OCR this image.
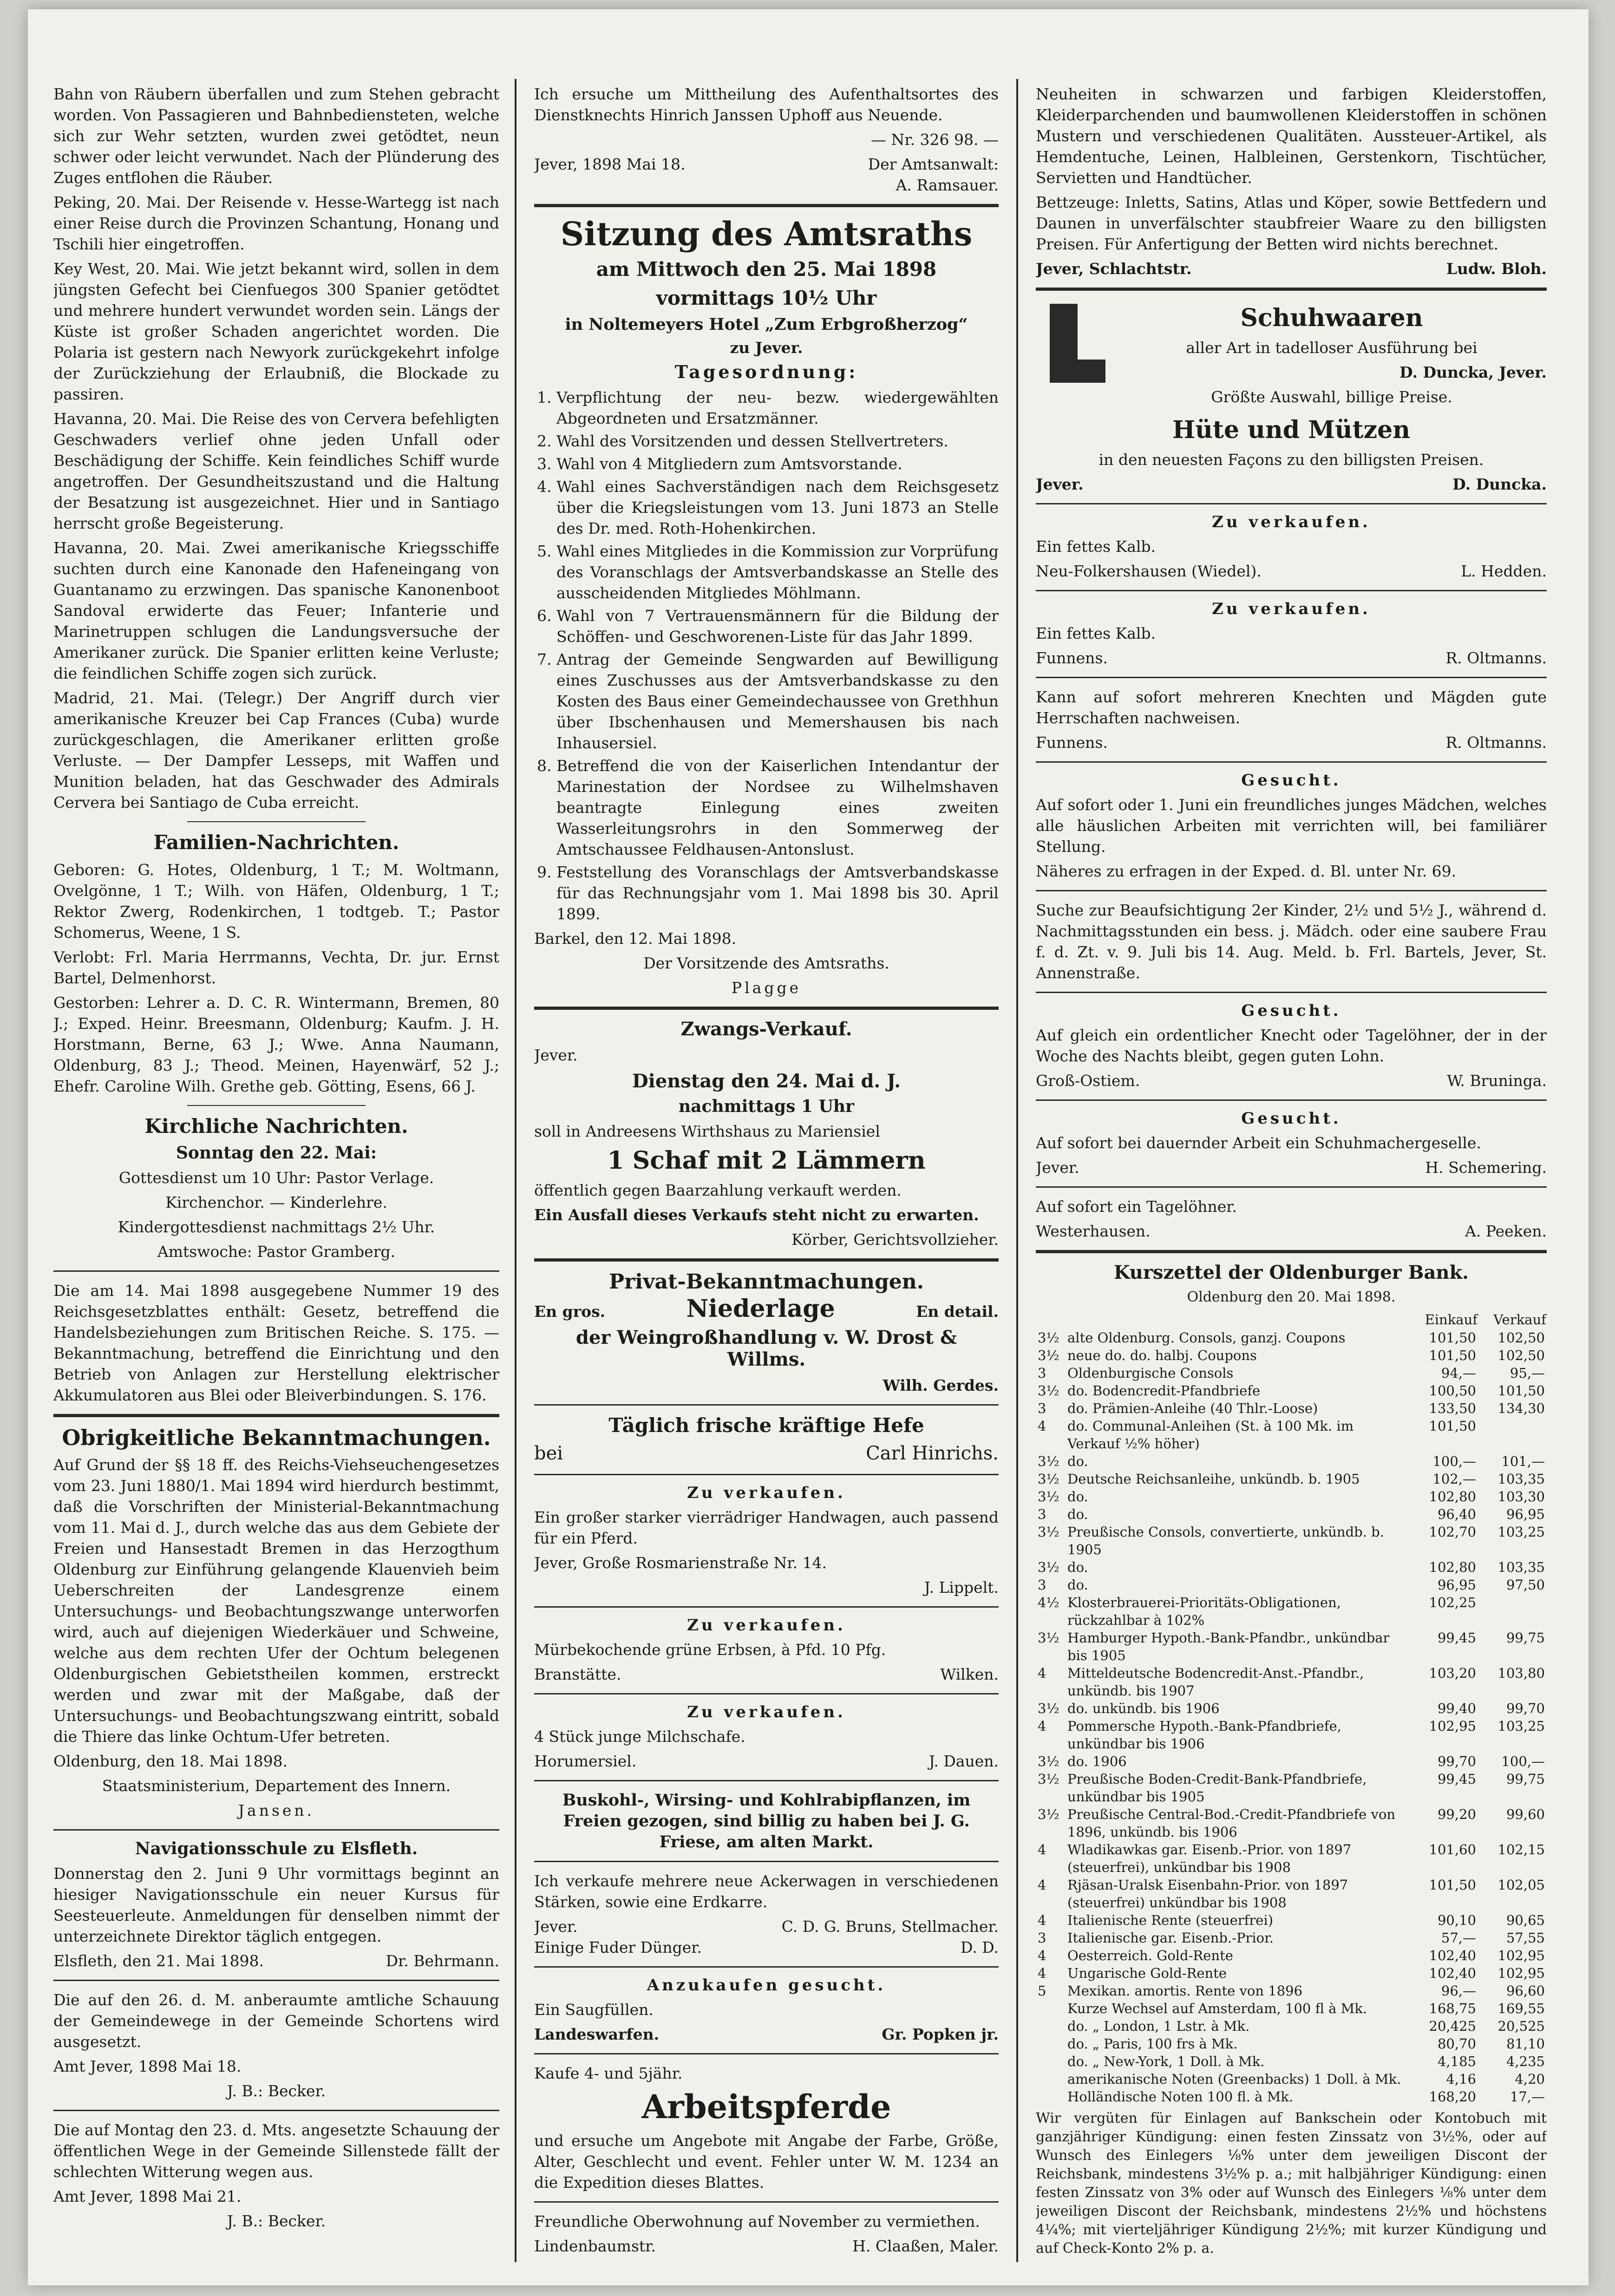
Bahn von Räubern überfallen und zum Stehen gebracht worden. Von Passagieren und Bahnbediensteten, welche sich zur Wehr setzten, wurden zwei getödtet, neun schwer oder leicht verwundet. Nach der Plünderung des Zuges entflohen die Räuber.

Peking, 20. Mai. Der Reisende v. Hesse-Wartegg ist nach einer Reise durch die Provinzen Schantung, Honang und Tschili hier eingetroffen.

Key West, 20. Mai. Wie jetzt bekannt wird, sollen in dem jüngsten Gefecht bei Cienfuegos 300 Spanier getödtet und mehrere hundert verwundet worden sein. Längs der Küste ist großer Schaden angerichtet worden. Die Polaria ist gestern nach Newyork zurückgekehrt infolge der Zurückziehung der Erlaubniß, die Blockade zu passiren.

Havanna, 20. Mai. Die Reise des von Cervera befehligten Geschwaders verlief ohne jeden Unfall oder Beschädigung der Schiffe. Kein feindliches Schiff wurde angetroffen. Der Gesundheitszustand und die Haltung der Besatzung ist ausgezeichnet. Hier und in Santiago herrscht große Begeisterung.

Havanna, 20. Mai. Zwei amerikanische Kriegsschiffe suchten durch eine Kanonade den Hafeneingang von Guantanamo zu erzwingen. Das spanische Kanonenboot Sandoval erwiderte das Feuer; Infanterie und Marinetruppen schlugen die Landungsversuche der Amerikaner zurück. Die Spanier erlitten keine Verluste; die feindlichen Schiffe zogen sich zurück.

Madrid, 21. Mai. (Telegr.) Der Angriff durch vier amerikanische Kreuzer bei Cap Frances (Cuba) wurde zurückgeschlagen, die Amerikaner erlitten große Verluste. — Der Dampfer Lesseps, mit Waffen und Munition beladen, hat das Geschwader des Admirals Cervera bei Santiago de Cuba erreicht.

Familien-Nachrichten.

Geboren: G. Hotes, Oldenburg, 1 T.; M. Woltmann, Ovelgönne, 1 T.; Wilh. von Häfen, Oldenburg, 1 T.; Rektor Zwerg, Rodenkirchen, 1 todtgeb. T.; Pastor Schomerus, Weene, 1 S.

Verlobt: Frl. Maria Herrmanns, Vechta, Dr. jur. Ernst Bartel, Delmenhorst.

Gestorben: Lehrer a. D. C. R. Wintermann, Bremen, 80 J.; Exped. Heinr. Breesmann, Oldenburg; Kaufm. J. H. Horstmann, Berne, 63 J.; Wwe. Anna Naumann, Oldenburg, 83 J.; Theod. Meinen, Hayenwärf, 52 J.; Ehefr. Caroline Wilh. Grethe geb. Götting, Esens, 66 J.

Kirchliche Nachrichten.
Sonntag den 22. Mai:

Gottesdienst um 10 Uhr: Pastor Verlage.

Kirchenchor. — Kinderlehre.

Kindergottesdienst nachmittags 2½ Uhr.

Amtswoche: Pastor Gramberg.

Die am 14. Mai 1898 ausgegebene Nummer 19 des Reichsgesetzblattes enthält: Gesetz, betreffend die Handelsbeziehungen zum Britischen Reiche. S. 175. — Bekanntmachung, betreffend die Einrichtung und den Betrieb von Anlagen zur Herstellung elektrischer Akkumulatoren aus Blei oder Bleiverbindungen. S. 176.

Obrigkeitliche Bekanntmachungen.

Auf Grund der §§ 18 ff. des Reichs-Viehseuchengesetzes vom 23. Juni 1880/1. Mai 1894 wird hierdurch bestimmt, daß die Vorschriften der Ministerial-Bekanntmachung vom 11. Mai d. J., durch welche das aus dem Gebiete der Freien und Hansestadt Bremen in das Herzogthum Oldenburg zur Einführung gelangende Klauenvieh beim Ueberschreiten der Landesgrenze einem Untersuchungs- und Beobachtungszwange unterworfen wird, auch auf diejenigen Wiederkäuer und Schweine, welche aus dem rechten Ufer der Ochtum belegenen Oldenburgischen Gebietstheilen kommen, erstreckt werden und zwar mit der Maßgabe, daß der Untersuchungs- und Beobachtungszwang eintritt, sobald die Thiere das linke Ochtum-Ufer betreten.

Oldenburg, den 18. Mai 1898.

Staatsministerium, Departement des Innern.

Jansen.

Navigationsschule zu Elsfleth.

Donnerstag den 2. Juni 9 Uhr vormittags beginnt an hiesiger Navigationsschule ein neuer Kursus für Seesteuerleute. Anmeldungen für denselben nimmt der unterzeichnete Direktor täglich entgegen.

Elsfleth, den 21. Mai 1898.	Dr. Behrmann.

Die auf den 26. d. M. anberaumte amtliche Schauung der Gemeindewege in der Gemeinde Schortens wird ausgesetzt.

Amt Jever, 1898 Mai 18.

J. B.: Becker.

Die auf Montag den 23. d. Mts. angesetzte Schauung der öffentlichen Wege in der Gemeinde Sillenstede fällt der schlechten Witterung wegen aus.

Amt Jever, 1898 Mai 21.

J. B.: Becker.

Ich ersuche um Mittheilung des Aufenthaltsortes des Dienstknechts Hinrich Janssen Uphoff aus Neuende.

— Nr. 326 98. —

Jever, 1898 Mai 18.	Der Amtsanwalt:

A. Ramsauer.

Sitzung des Amtsraths
am Mittwoch den 25. Mai 1898
vormittags 10½ Uhr
in Noltemeyers Hotel „Zum Erbgroßherzog“
zu Jever.
Tagesordnung:
1. Verpflichtung der neu- bezw. wiedergewählten Abgeordneten und Ersatzmänner.
2. Wahl des Vorsitzenden und dessen Stellvertreters.
3. Wahl von 4 Mitgliedern zum Amtsvorstande.
4. Wahl eines Sachverständigen nach dem Reichsgesetz über die Kriegsleistungen vom 13. Juni 1873 an Stelle des Dr. med. Roth-Hohenkirchen.
5. Wahl eines Mitgliedes in die Kommission zur Vorprüfung des Voranschlags der Amtsverbandskasse an Stelle des ausscheidenden Mitgliedes Möhlmann.
6. Wahl von 7 Vertrauensmännern für die Bildung der Schöffen- und Geschworenen-Liste für das Jahr 1899.
7. Antrag der Gemeinde Sengwarden auf Bewilligung eines Zuschusses aus der Amtsverbandskasse zu den Kosten des Baus einer Gemeindechaussee von Grethhun über Ibschenhausen und Memershausen bis nach Inhausersiel.
8. Betreffend die von der Kaiserlichen Intendantur der Marinestation der Nordsee zu Wilhelmshaven beantragte Einlegung eines zweiten Wasserleitungsrohrs in den Sommerweg der Amtschaussee Feldhausen-Antonslust.
9. Feststellung des Voranschlags der Amtsverbandskasse für das Rechnungsjahr vom 1. Mai 1898 bis 30. April 1899.

Barkel, den 12. Mai 1898.

Der Vorsitzende des Amtsraths.

Plagge

Zwangs-Verkauf.

Jever.

Dienstag den 24. Mai d. J.
nachmittags 1 Uhr

soll in Andreesens Wirthshaus zu Mariensiel

1 Schaf mit 2 Lämmern

öffentlich gegen Baarzahlung verkauft werden.

Ein Ausfall dieses Verkaufs steht nicht zu erwarten.

Körber, Gerichtsvollzieher.

Privat-Bekanntmachungen.
En gros.	Niederlage	En detail.
der Weingroßhandlung v. W. Drost & Willms.

Wilh. Gerdes.

Täglich frische kräftige Hefe
bei	Carl Hinrichs.
Zu verkaufen.

Ein großer starker vierrädriger Handwagen, auch passend für ein Pferd.

Jever, Große Rosmarienstraße Nr. 14.

J. Lippelt.

Zu verkaufen.

Mürbekochende grüne Erbsen, à Pfd. 10 Pfg.

Branstätte.	Wilken.
Zu verkaufen.

4 Stück junge Milchschafe.

Horumersiel.	J. Dauen.

Buskohl-, Wirsing- und Kohlrabipflanzen, im Freien gezogen, sind billig zu haben bei J. G. Friese, am alten Markt.

Ich verkaufe mehrere neue Ackerwagen in verschiedenen Stärken, sowie eine Erdkarre.

Jever.	C. D. G. Bruns, Stellmacher.
Einige Fuder Dünger.	D. D.
Anzukaufen gesucht.

Ein Saugfüllen.

Landeswarfen.	Gr. Popken jr.

Kaufe 4- und 5jähr.

Arbeitspferde

und ersuche um Angebote mit Angabe der Farbe, Größe, Alter, Geschlecht und event. Fehler unter W. M. 1234 an die Expedition dieses Blattes.

Freundliche Oberwohnung auf November zu vermiethen.

Lindenbaumstr.	H. Claaßen, Maler.

Neuheiten in schwarzen und farbigen Kleiderstoffen, Kleiderparchenden und baumwollenen Kleiderstoffen in schönen Mustern und verschiedenen Qualitäten. Aussteuer-Artikel, als Hemdentuche, Leinen, Halbleinen, Gerstenkorn, Tischtücher, Servietten und Handtücher.

Bettzeuge: Inletts, Satins, Atlas und Köper, sowie Bettfedern und Daunen in unverfälschter staubfreier Waare zu den billigsten Preisen. Für Anfertigung der Betten wird nichts berechnet.

Jever, Schlachtstr.	Ludw. Bloh.
Schuhwaaren

aller Art in tadelloser Ausführung bei

D. Duncka, Jever.

Größte Auswahl, billige Preise.

Hüte und Mützen

in den neuesten Façons zu den billigsten Preisen.

Jever.	D. Duncka.
Zu verkaufen.

Ein fettes Kalb.

Neu-Folkershausen (Wiedel).	L. Hedden.
Zu verkaufen.

Ein fettes Kalb.

Funnens.	R. Oltmanns.

Kann auf sofort mehreren Knechten und Mägden gute Herrschaften nachweisen.

Funnens.	R. Oltmanns.
Gesucht.

Auf sofort oder 1. Juni ein freundliches junges Mädchen, welches alle häuslichen Arbeiten mit verrichten will, bei familiärer Stellung.

Näheres zu erfragen in der Exped. d. Bl. unter Nr. 69.

Suche zur Beaufsichtigung 2er Kinder, 2½ und 5½ J., während d. Nachmittagsstunden ein bess. j. Mädch. oder eine saubere Frau f. d. Zt. v. 9. Juli bis 14. Aug. Meld. b. Frl. Bartels, Jever, St. Annenstraße.

Gesucht.

Auf gleich ein ordentlicher Knecht oder Tagelöhner, der in der Woche des Nachts bleibt, gegen guten Lohn.

Groß-Ostiem.	W. Bruninga.
Gesucht.

Auf sofort bei dauernder Arbeit ein Schuhmachergeselle.

Jever.	H. Schemering.

Auf sofort ein Tagelöhner.

Westerhausen.	A. Peeken.
Kurszettel der Oldenburger Bank.

Oldenburg den 20. Mai 1898.

		Einkauf	Verkauf
3½	alte Oldenburg. Consols, ganzj. Coupons	101,50	102,50
3½	neue do. do. halbj. Coupons	101,50	102,50
3	Oldenburgische Consols	94,—	95,—
3½	do. Bodencredit-Pfandbriefe	100,50	101,50
3	do. Prämien-Anleihe (40 Thlr.-Loose)	133,50	134,30
4	do. Communal-Anleihen (St. à 100 Mk. im Verkauf ½% höher)	101,50	
3½	do.	100,—	101,—
3½	Deutsche Reichsanleihe, unkündb. b. 1905	102,—	103,35
3½	do.	102,80	103,30
3	do.	96,40	96,95
3½	Preußische Consols, convertierte, unkündb. b. 1905	102,70	103,25
3½	do.	102,80	103,35
3	do.	96,95	97,50
4½	Klosterbrauerei-Prioritäts-Obligationen, rückzahlbar à 102%	102,25	
3½	Hamburger Hypoth.-Bank-Pfandbr., unkündbar bis 1905	99,45	99,75
4	Mitteldeutsche Bodencredit-Anst.-Pfandbr., unkündb. bis 1907	103,20	103,80
3½	do. unkündb. bis 1906	99,40	99,70
4	Pommersche Hypoth.-Bank-Pfandbriefe, unkündbar bis 1906	102,95	103,25
3½	do. 1906	99,70	100,—
3½	Preußische Boden-Credit-Bank-Pfandbriefe, unkündbar bis 1905	99,45	99,75
3½	Preußische Central-Bod.-Credit-Pfandbriefe von 1896, unkündb. bis 1906	99,20	99,60
4	Wladikawkas gar. Eisenb.-Prior. von 1897 (steuerfrei), unkündbar bis 1908	101,60	102,15
4	Rjäsan-Uralsk Eisenbahn-Prior. von 1897 (steuerfrei) unkündbar bis 1908	101,50	102,05
4	Italienische Rente (steuerfrei)	90,10	90,65
3	Italienische gar. Eisenb.-Prior.	57,—	57,55
4	Oesterreich. Gold-Rente	102,40	102,95
4	Ungarische Gold-Rente	102,40	102,95
5	Mexikan. amortis. Rente von 1896	96,—	96,60
	Kurze Wechsel auf Amsterdam, 100 fl à Mk.	168,75	169,55
	do. „ London, 1 Lstr. à Mk.	20,425	20,525
	do. „ Paris, 100 frs à Mk.	80,70	81,10
	do. „ New-York, 1 Doll. à Mk.	4,185	4,235
	amerikanische Noten (Greenbacks) 1 Doll. à Mk.	4,16	4,20
	Holländische Noten 100 fl. à Mk.	168,20	17,—

Wir vergüten für Einlagen auf Bankschein oder Kontobuch mit ganzjähriger Kündigung: einen festen Zinssatz von 3½%, oder auf Wunsch des Einlegers ⅛% unter dem jeweiligen Discont der Reichsbank, mindestens 3½% p. a.; mit halbjähriger Kündigung: einen festen Zinssatz von 3% oder auf Wunsch des Einlegers ⅛% unter dem jeweiligen Discont der Reichsbank, mindestens 2½% und höchstens 4¼%; mit vierteljähriger Kündigung 2½%; mit kurzer Kündigung und auf Check-Konto 2% p. a.
